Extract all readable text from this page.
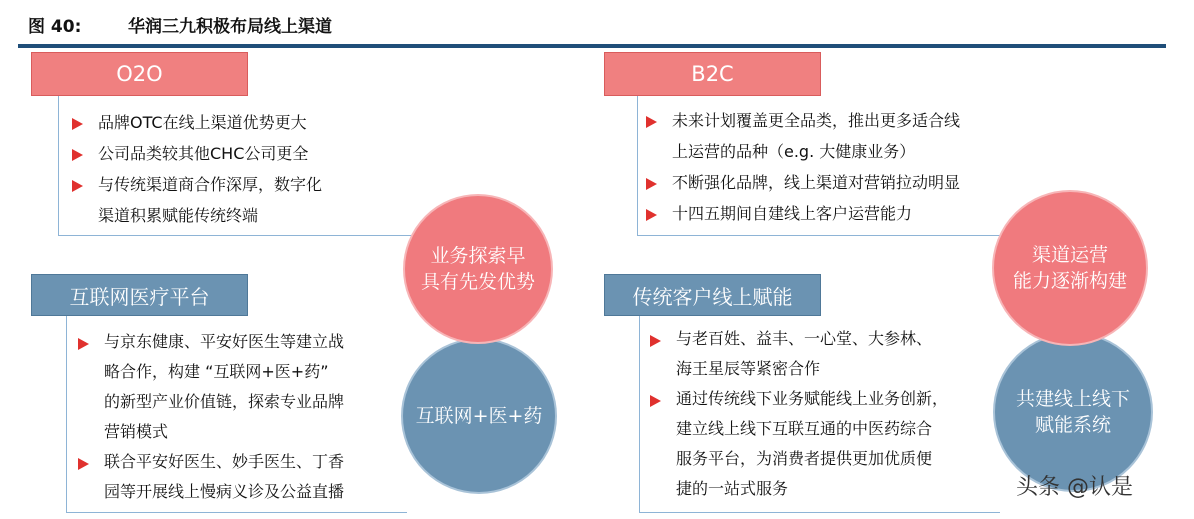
图 40:	华润三九积极布局线上渠道
O2O	B2C
互联网医疗平台	传统客户线上赋能
品牌OTC在线上渠道优势更大
公司品类较其他CHC公司更全
与传统渠道商合作深厚，数字化
渠道积累赋能传统终端
未来计划覆盖更全品类，推出更多适合线
上运营的品种（e.g. 大健康业务）
不断强化品牌，线上渠道对营销拉动明显
十四五期间自建线上客户运营能力
与京东健康、平安好医生等建立战
略合作，构建 “互联网+医+药”
的新型产业价值链，探索专业品牌
营销模式
联合平安好医生、妙手医生、丁香
园等开展线上慢病义诊及公益直播
与老百姓、益丰、一心堂、大参林、
海王星辰等紧密合作
通过传统线下业务赋能线上业务创新，
建立线上线下互联互通的中医药综合
服务平台，为消费者提供更加优质便
捷的一站式服务
互联网+医+药
业务探索早
具有先发优势
共建线上线下
赋能系统
渠道运营
能力逐渐构建
头条 @认是
